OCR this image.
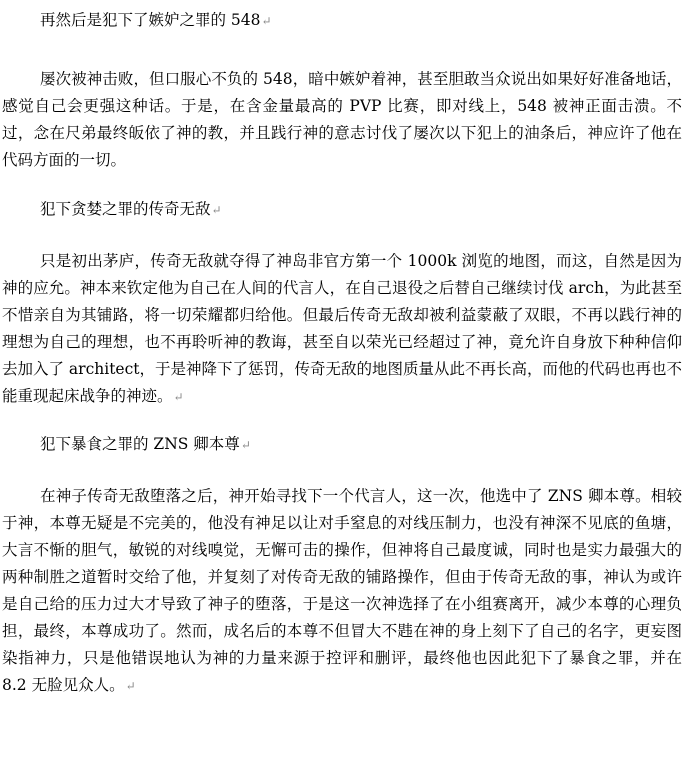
再然后是犯下了嫉妒之罪的 548↵

屡次被神击败，但口服心不负的 548，暗中嫉妒着神，甚至胆敢当众说出如果好好准备地话，感觉自己会更强这种话。于是，在含金量最高的 PVP 比赛，即对线上，548 被神正面击溃。不过，念在尺弟最终皈依了神的教，并且践行神的意志讨伐了屡次以下犯上的油条后，神应许了他在代码方面的一切。

犯下贪婪之罪的传奇无敌↵

只是初出茅庐，传奇无敌就夺得了神岛非官方第一个 1000k 浏览的地图，而这，自然是因为神的应允。神本来钦定他为自己在人间的代言人，在自己退役之后替自己继续讨伐 arch，为此甚至不惜亲自为其铺路，将一切荣耀都归给他。但最后传奇无敌却被利益蒙蔽了双眼，不再以践行神的理想为自己的理想，也不再聆听神的教诲，甚至自以荣光已经超过了神，竟允许自身放下种种信仰去加入了 architect，于是神降下了惩罚，传奇无敌的地图质量从此不再长高，而他的代码也再也不能重现起床战争的神迹。↵

犯下暴食之罪的 ZNS 卿本尊↵

在神子传奇无敌堕落之后，神开始寻找下一个代言人，这一次，他选中了 ZNS 卿本尊。相较于神，本尊无疑是不完美的，他没有神足以让对手窒息的对线压制力，也没有神深不见底的鱼塘，大言不惭的胆气，敏锐的对线嗅觉，无懈可击的操作，但神将自己最度诚，同时也是实力最强大的两种制胜之道暂时交给了他，并复刻了对传奇无敌的铺路操作，但由于传奇无敌的事，神认为或许是自己给的压力过大才导致了神子的堕落，于是这一次神选择了在小组赛离开，减少本尊的心理负担，最终，本尊成功了。然而，成名后的本尊不但冒大不韪在神的身上刻下了自己的名字，更妄图染指神力，只是他错误地认为神的力量来源于控评和删评，最终他也因此犯下了暴食之罪，并在 8.2 无脸见众人。↵
